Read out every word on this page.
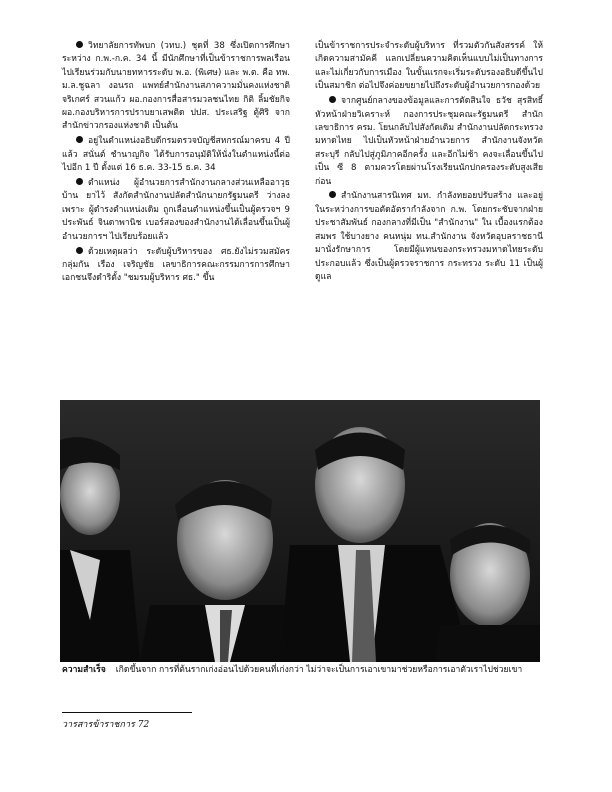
วิทยาลัยการทัพบก (วทบ.) ชุดที่ 38 ซึ่งเปิดการศึกษาระหว่าง ก.พ.-ก.ค. 34 นี้ มีนักศึกษาที่เป็นข้าราชการพลเรือนไปเรียนร่วมกับนายทหารระดับ พ.อ. (พิเศษ) และ พ.ต. คือ ทพ. ม.ล.ชูฉลา งอนรถ แพทย์สำนักงานสภาความมั่นคงแห่งชาติ จริเกศร์ สวนแก้ว ผอ.กองการสื่อสารมวลชนไทย กิติ ลิ้มชัยกิจ ผอ.กองบริหารการปราบยาเสพติด ปปส. ประเสริฐ ตู้ศิริ จากสำนักข่าวกรองแห่งชาติ เป็นต้น

อยู่ในตำแหน่งอธิบดีกรมตรวจบัญชีสหกรณ์มาครบ 4 ปีแล้ว สนั่นต์ ชำนาญกิจ ได้รับการอนุมัติให้นั่งในตำแหน่งนี้ต่อไปอีก 1 ปี ตั้งแต่ 16 ธ.ค. 33-15 ธ.ค. 34

ตำแหน่ง ผู้อำนวยการสำนักงานกลางส่วนเหลืออาวุธบ้าน ยาไว้ สังกัดสำนักงานปลัดสำนักนายกรัฐมนตรี ว่างลง เพราะ ผู้ดำรงตำแหน่งเดิม ถูกเลื่อนตำแหน่งขึ้นเป็นผู้ตรวจฯ 9 ประพันธ์ จินดาพานิช เบอร์สองของสำนักงานได้เลื่อนขึ้นเป็นผู้อำนวยการฯ ไปเรียบร้อยแล้ว

ด้วยเหตุผลว่า ระดับผู้บริหารของ ศธ.ยังไม่รวมสมัครกลุ่มกัน เรือง เจริญชัย เลขาธิการคณะกรรมการการศึกษาเอกชนจึงดำริตั้ง "ชมรมผู้บริหาร ศธ." ขึ้น

เป็นข้าราชการประจำระดับผู้บริหาร ที่รวมตัวกันสังสรรค์ ให้เกิดความสามัคคี แลกเปลี่ยนความคิดเห็นแบบไม่เป็นทางการ และไม่เกี่ยวกับการเมือง ในขั้นแรกจะเริ่มระดับรองอธิบดีขึ้นไปเป็นสมาชิก ต่อไปจึงค่อยขยายไปถึงระดับผู้อำนวยการกองด้วย

จากศูนย์กลางของข้อมูลและการตัดสินใจ ธวัช สุรสิทธิ์ หัวหน้าฝ่ายวิเคราะห์ กองการประชุมคณะรัฐมนตรี สำนักเลขาธิการ ครม. โยนกลับไปสังกัดเดิม สำนักงานปลัดกระทรวงมหาดไทย ไปเป็นหัวหน้าฝ่ายอำนวยการ สำนักงานจังหวัดสระบุรี กลับไปสู่ภูมิภาคอีกครั้ง และอีกไม่ช้า คงจะเลื่อนขึ้นไปเป็น ซี 8 ตามควรโดยผ่านโรงเรียนนักปกครองระดับสูงเสียก่อน

สำนักงานสารนิเทศ มท. กำลังทยอยปรับสร้าง และอยู่ในระหว่างการขอตัดอัตรากำลังจาก ก.พ. โดยกระชับจากฝ่ายประชาสัมพันธ์ กองกลางที่มีเป็น "สำนักงาน" ใน เบื้องแรกต้อง สมพร ใช้บางยาง คนหนุ่ม ทน.สำนักงาน จังหวัดอุบลราชธานี มานั่งรักษาการ โดยมีผู้แทนของกระทรวงมหาดไทยระดับ ประกอบแล้ว ซึ่งเป็นผู้ตรวจราชการ กระทรวง ระดับ 11 เป็นผู้ดูแล

ความสำเร็จ เกิดขึ้นจาก การที่ต้นรากเก่งอ่อนไปด้วยคนที่เก่งกว่า ไม่ว่าจะเป็นการเอาเขามาช่วยหรือการเอาตัวเราไปช่วยเขา
วารสารข้าราชการ 72
